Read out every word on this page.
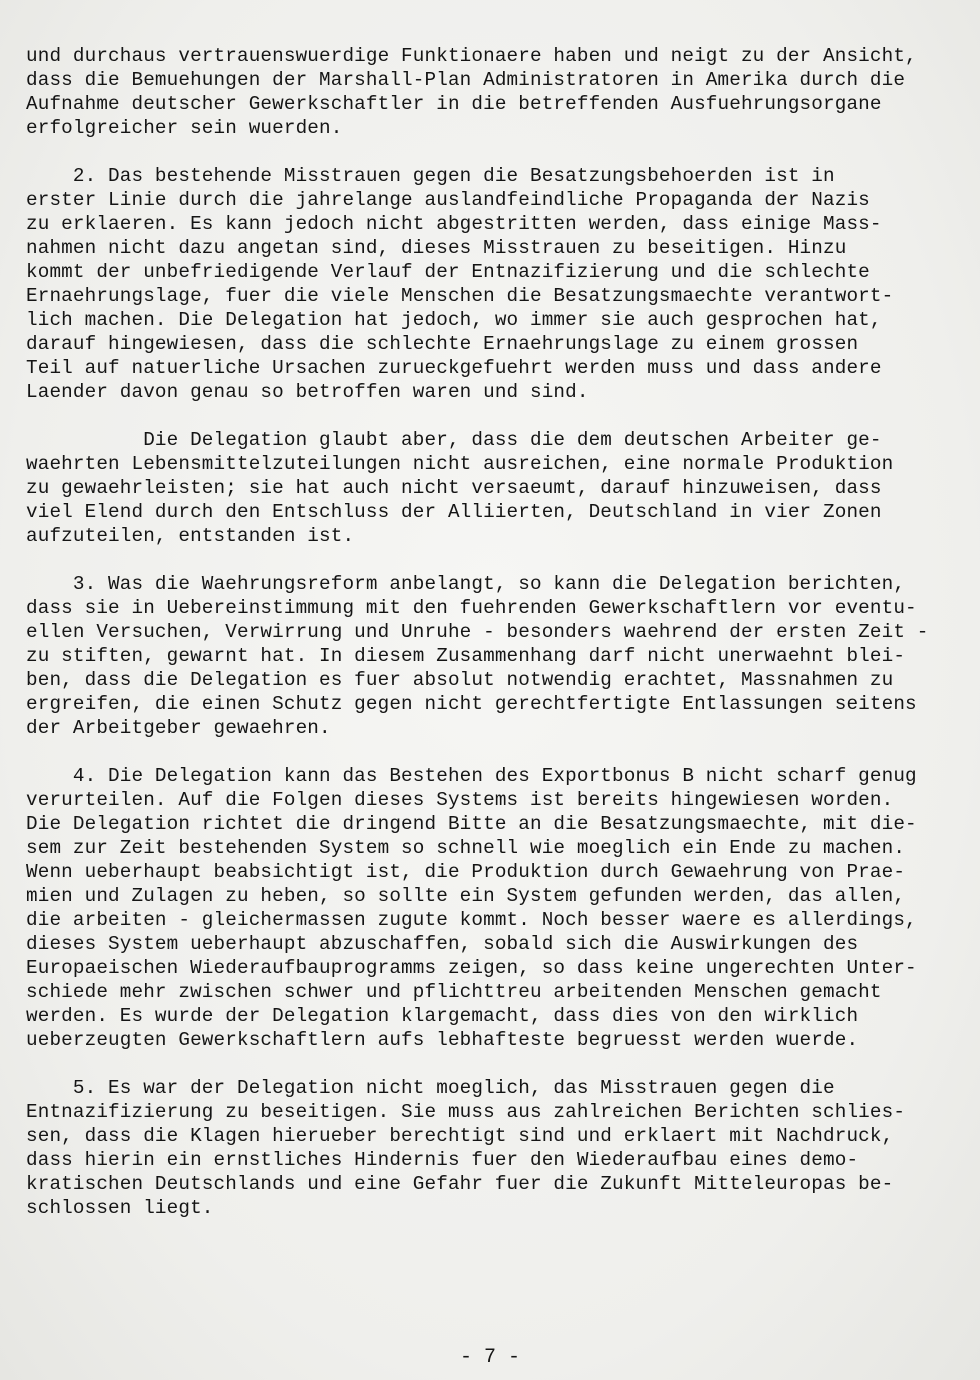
und durchaus vertrauenswuerdige Funktionaere haben und neigt zu der Ansicht,
dass die Bemuehungen der Marshall-Plan Administratoren in Amerika durch die
Aufnahme deutscher Gewerkschaftler in die betreffenden Ausfuehrungsorgane
erfolgreicher sein wuerden.
2. Das bestehende Misstrauen gegen die Besatzungsbehoerden ist in
erster Linie durch die jahrelange auslandfeindliche Propaganda der Nazis
zu erklaeren. Es kann jedoch nicht abgestritten werden, dass einige Mass-
nahmen nicht dazu angetan sind, dieses Misstrauen zu beseitigen. Hinzu
kommt der unbefriedigende Verlauf der Entnazifizierung und die schlechte
Ernaehrungslage, fuer die viele Menschen die Besatzungsmaechte verantwort-
lich machen. Die Delegation hat jedoch, wo immer sie auch gesprochen hat,
darauf hingewiesen, dass die schlechte Ernaehrungslage zu einem grossen
Teil auf natuerliche Ursachen zurueckgefuehrt werden muss und dass andere
Laender davon genau so betroffen waren und sind.
Die Delegation glaubt aber, dass die dem deutschen Arbeiter ge-
waehrten Lebensmittelzuteilungen nicht ausreichen, eine normale Produktion
zu gewaehrleisten; sie hat auch nicht versaeumt, darauf hinzuweisen, dass
viel Elend durch den Entschluss der Alliierten, Deutschland in vier Zonen
aufzuteilen, entstanden ist.
3. Was die Waehrungsreform anbelangt, so kann die Delegation berichten,
dass sie in Uebereinstimmung mit den fuehrenden Gewerkschaftlern vor eventu-
ellen Versuchen, Verwirrung und Unruhe - besonders waehrend der ersten Zeit -
zu stiften, gewarnt hat. In diesem Zusammenhang darf nicht unerwaehnt blei-
ben, dass die Delegation es fuer absolut notwendig erachtet, Massnahmen zu
ergreifen, die einen Schutz gegen nicht gerechtfertigte Entlassungen seitens
der Arbeitgeber gewaehren.
4. Die Delegation kann das Bestehen des Exportbonus B nicht scharf genug
verurteilen. Auf die Folgen dieses Systems ist bereits hingewiesen worden.
Die Delegation richtet die dringend Bitte an die Besatzungsmaechte, mit die-
sem zur Zeit bestehenden System so schnell wie moeglich ein Ende zu machen.
Wenn ueberhaupt beabsichtigt ist, die Produktion durch Gewaehrung von Prae-
mien und Zulagen zu heben, so sollte ein System gefunden werden, das allen,
die arbeiten - gleichermassen zugute kommt. Noch besser waere es allerdings,
dieses System ueberhaupt abzuschaffen, sobald sich die Auswirkungen des
Europaeischen Wiederaufbauprogramms zeigen, so dass keine ungerechten Unter-
schiede mehr zwischen schwer und pflichttreu arbeitenden Menschen gemacht
werden. Es wurde der Delegation klargemacht, dass dies von den wirklich
ueberzeugten Gewerkschaftlern aufs lebhafteste begruesst werden wuerde.
5. Es war der Delegation nicht moeglich, das Misstrauen gegen die
Entnazifizierung zu beseitigen. Sie muss aus zahlreichen Berichten schlies-
sen, dass die Klagen hierueber berechtigt sind und erklaert mit Nachdruck,
dass hierin ein ernstliches Hindernis fuer den Wiederaufbau eines demo-
kratischen Deutschlands und eine Gefahr fuer die Zukunft Mitteleuropas be-
schlossen liegt.
- 7 -
